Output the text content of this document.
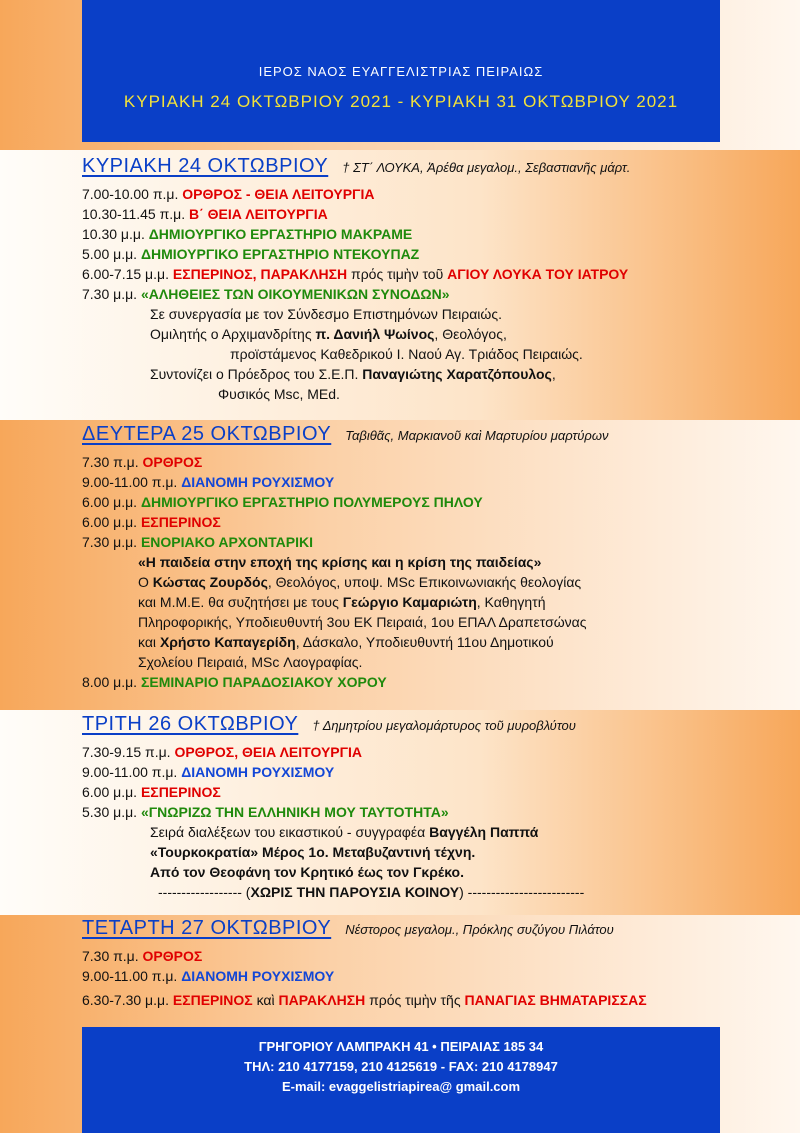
ΙΕΡΟΣ ΝΑΟΣ ΕΥΑΓΓΕΛΙΣΤΡΙΑΣ ΠΕΙΡΑΙΩΣ
ΚΥΡΙΑΚΗ 24 ΟΚΤΩΒΡΙΟΥ 2021 - ΚΥΡΙΑΚΗ 31 ΟΚΤΩΒΡΙΟΥ 2021
ΚΥΡΙΑΚΗ 24 ΟΚΤΩΒΡΙΟΥ † ΣΤ΄ ΛΟΥΚΑ, Ἀρέθα μεγαλομ., Σεβαστιανῆς μάρτ.
7.00-10.00 π.μ. ΟΡΘΡΟΣ - ΘΕΙΑ ΛΕΙΤΟΥΡΓΙΑ
10.30-11.45 π.μ. Β΄ ΘΕΙΑ ΛΕΙΤΟΥΡΓΙΑ
10.30 μ.μ. ΔΗΜΙΟΥΡΓΙΚΟ ΕΡΓΑΣΤΗΡΙΟ ΜΑΚΡΑΜΕ
5.00 μ.μ. ΔΗΜΙΟΥΡΓΙΚΟ ΕΡΓΑΣΤΗΡΙΟ ΝΤΕΚΟΥΠΑΖ
6.00-7.15 μ.μ. ΕΣΠΕΡΙΝΟΣ, ΠΑΡΑΚΛΗΣΗ πρός τιμὴν τοῦ ΑΓΙΟΥ ΛΟΥΚΑ ΤΟΥ ΙΑΤΡΟΥ
7.30 μ.μ. «ΑΛΗΘΕΙΕΣ ΤΩΝ ΟΙΚΟΥΜΕΝΙΚΩΝ ΣΥΝΟΔΩΝ»
Σε συνεργασία με τον Σύνδεσμο Επιστημόνων Πειραιώς.
Ομιλητής ο Αρχιμανδρίτης π. Δανιήλ Ψωίνος, Θεολόγος,
προϊστάμενος Καθεδρικού Ι. Ναού Αγ. Τριάδος Πειραιώς.
Συντονίζει ο Πρόεδρος του Σ.Ε.Π. Παναγιώτης Χαρατζόπουλος,
Φυσικός Msc, MEd.
ΔΕΥΤΕΡΑ 25 ΟΚΤΩΒΡΙΟΥ Ταβιθᾶς, Μαρκιανοῦ καὶ Μαρτυρίου μαρτύρων
7.30 π.μ. ΟΡΘΡΟΣ
9.00-11.00 π.μ. ΔΙΑΝΟΜΗ ΡΟΥΧΙΣΜΟΥ
6.00 μ.μ. ΔΗΜΙΟΥΡΓΙΚΟ ΕΡΓΑΣΤΗΡΙΟ ΠΟΛΥΜΕΡΟΥΣ ΠΗΛΟΥ
6.00 μ.μ. ΕΣΠΕΡΙΝΟΣ
7.30 μ.μ. ΕΝΟΡΙΑΚΟ ΑΡΧΟΝΤΑΡΙΚΙ
«Η παιδεία στην εποχή της κρίσης και η κρίση της παιδείας»
Ο Κώστας Ζουρδός, Θεολόγος, υποψ. MSc Επικοινωνιακής θεολογίας
και Μ.Μ.Ε. θα συζητήσει με τους Γεώργιο Καμαριώτη, Καθηγητή
Πληροφορικής, Υποδιευθυντή 3ου ΕΚ Πειραιά, 1ου ΕΠΑΛ Δραπετσώνας
και Χρήστο Καπαγερίδη, Δάσκαλο, Υποδιευθυντή 11ου Δημοτικού
Σχολείου Πειραιά, MSc Λαογραφίας.
8.00 μ.μ. ΣΕΜΙΝΑΡΙΟ ΠΑΡΑΔΟΣΙΑΚΟΥ ΧΟΡΟΥ
ΤΡΙΤΗ 26 ΟΚΤΩΒΡΙΟΥ † Δημητρίου μεγαλομάρτυρος τοῦ μυροβλύτου
7.30-9.15 π.μ. ΟΡΘΡΟΣ, ΘΕΙΑ ΛΕΙΤΟΥΡΓΙΑ
9.00-11.00 π.μ. ΔΙΑΝΟΜΗ ΡΟΥΧΙΣΜΟΥ
6.00 μ.μ. ΕΣΠΕΡΙΝΟΣ
5.30 μ.μ. «ΓΝΩΡΙΖΩ ΤΗΝ ΕΛΛΗΝΙΚΗ ΜΟΥ ΤΑΥΤΟΤΗΤΑ»
Σειρά διαλέξεων του εικαστικού - συγγραφέα Βαγγέλη Παππά
«Τουρκοκρατία» Μέρος 1ο. Μεταβυζαντινή τέχνη.
Από τον Θεοφάνη τον Κρητικό έως τον Γκρέκο.
------------------ (ΧΩΡΙΣ ΤΗΝ ΠΑΡΟΥΣΙΑ ΚΟΙΝΟΥ) -------------------------
ΤΕΤΑΡΤΗ 27 ΟΚΤΩΒΡΙΟΥ Νέστορος μεγαλομ., Πρόκλης συζύγου Πιλάτου
7.30 π.μ. ΟΡΘΡΟΣ
9.00-11.00 π.μ. ΔΙΑΝΟΜΗ ΡΟΥΧΙΣΜΟΥ
6.30-7.30 μ.μ. ΕΣΠΕΡΙΝΟΣ καὶ ΠΑΡΑΚΛΗΣΗ πρός τιμὴν τῆς ΠΑΝΑΓΙΑΣ ΒΗΜΑΤΑΡΙΣΣΑΣ
ΓΡΗΓΟΡΙΟΥ ΛΑΜΠΡΑΚΗ 41 • ΠΕΙΡΑΙΑΣ 185 34
ΤΗΛ: 210 4177159, 210 4125619 - FAX: 210 4178947
E-mail: evaggelistriapirea@ gmail.com
